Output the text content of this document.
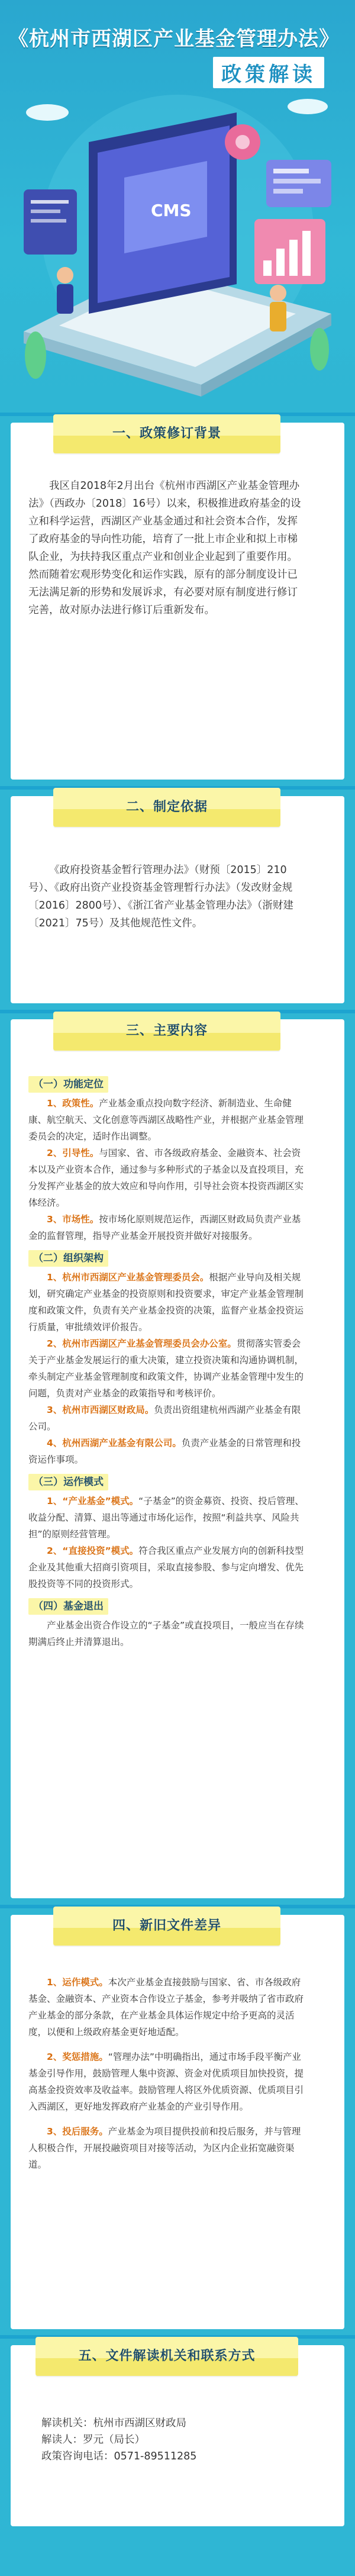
《杭州市西湖区产业基金管理办法》
政策解读
CMS
一、政策修订背景

我区自2018年2月出台《杭州市西湖区产业基金管理办法》（西政办〔2018〕16号）以来，积极推进政府基金的设立和科学运营，西湖区产业基金通过和社会资本合作，发挥了政府基金的导向性功能，培育了一批上市企业和拟上市梯队企业，为扶持我区重点产业和创业企业起到了重要作用。然而随着宏观形势变化和运作实践，原有的部分制度设计已无法满足新的形势和发展诉求，有必要对原有制度进行修订完善，故对原办法进行修订后重新发布。

二、制定依据

《政府投资基金暂行管理办法》（财预〔2015〕210号）、《政府出资产业投资基金管理暂行办法》（发改财金规〔2016〕2800号）、《浙江省产业基金管理办法》（浙财建〔2021〕75号）及其他规范性文件。

三、主要内容
（一）功能定位

1、政策性。产业基金重点投向数字经济、新制造业、生命健康、航空航天、文化创意等西湖区战略性产业，并根据产业基金管理委员会的决定，适时作出调整。

2、引导性。与国家、省、市各级政府基金、金融资本、社会资本以及产业资本合作，通过参与多种形式的子基金以及直投项目，充分发挥产业基金的放大效应和导向作用，引导社会资本投资西湖区实体经济。

3、市场性。按市场化原则规范运作，西湖区财政局负责产业基金的监督管理，指导产业基金开展投资并做好对接服务。

（二）组织架构

1、杭州市西湖区产业基金管理委员会。根据产业导向及相关规划，研究确定产业基金的投资原则和投资要求，审定产业基金管理制度和政策文件，负责有关产业基金投资的决策，监督产业基金投资运行质量，审批绩效评价报告。

2、杭州市西湖区产业基金管理委员会办公室。贯彻落实管委会关于产业基金发展运行的重大决策，建立投资决策和沟通协调机制，牵头制定产业基金管理制度和政策文件，协调产业基金管理中发生的问题，负责对产业基金的政策指导和考核评价。

3、杭州市西湖区财政局。负责出资组建杭州西湖产业基金有限公司。

4、杭州西湖产业基金有限公司。负责产业基金的日常管理和投资运作事项。

（三）运作模式

1、“产业基金”模式。“子基金”的资金募资、投资、投后管理、收益分配、清算、退出等通过市场化运作，按照“利益共享、风险共担”的原则经营管理。

2、“直接投资”模式。符合我区重点产业发展方向的创新科技型企业及其他重大招商引资项目，采取直接参股、参与定向增发、优先股投资等不同的投资形式。

（四）基金退出

产业基金出资合作设立的“子基金”或直投项目，一般应当在存续期满后终止并清算退出。

四、新旧文件差异

1、运作模式。本次产业基金直接鼓励与国家、省、市各级政府基金、金融资本、产业资本合作设立子基金，参考并吸纳了省市政府产业基金的部分条款，在产业基金具体运作规定中给予更高的灵活度，以便和上级政府基金更好地适配。

2、奖惩措施。“管理办法”中明确指出，通过市场手段平衡产业基金引导作用，鼓励管理人集中资源、资金对优质项目加快投资，提高基金投资效率及收益率。鼓励管理人将区外优质资源、优质项目引入西湖区，更好地发挥政府产业基金的产业引导作用。

3、投后服务。产业基金为项目提供投前和投后服务，并与管理人积极合作，开展投融资项目对接等活动，为区内企业拓宽融资渠道。

五、文件解读机关和联系方式
解读机关：杭州市西湖区财政局
解读人：罗元（局长）
政策咨询电话：0571-89511285
